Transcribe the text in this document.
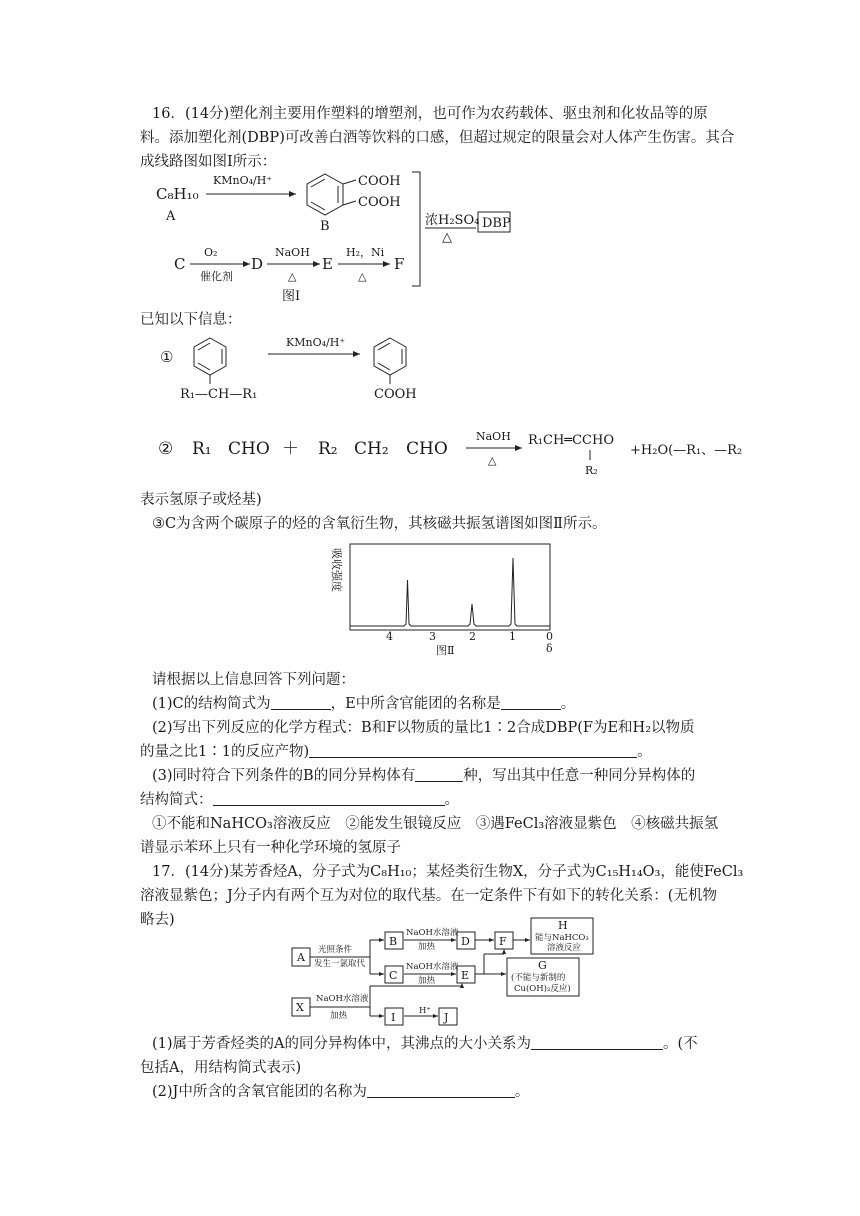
16．(14分)塑化剂主要用作塑料的增塑剂，也可作为农药载体、驱虫剂和化妆品等的原
料。添加塑化剂(DBP)可改善白酒等饮料的口感，但超过规定的限量会对人体产生伤害。其合
成线路图如图Ⅰ所示：
C₈H₁₀
A
KMnO₄/H⁺	COOH
COOH
B	浓H₂SO₄
△
DBP
C
O₂
催化剂
D
NaOH
△
E
H₂，Ni
△
F
图Ⅰ
已知以下信息：
①
R₁—CH—R₁
KMnO₄/H⁺
COOH
② R₁ CHO ＋ R₂ CH₂ CHO
NaOH
△
R₁CH═CCHO
R₂
+H₂O(—R₁、—R₂
表示氢原子或烃基)
③C为含两个碳原子的烃的含氧衍生物，其核磁共振氢谱图如图Ⅱ所示。
吸收强度
4	3	2	1	0
δ
图Ⅱ
请根据以上信息回答下列问题：
(1)C的结构简式为	，E中所含官能团的名称是	。
(2)写出下列反应的化学方程式：B和F以物质的量比1∶2合成DBP(F为E和H₂以物质
的量之比1∶1的反应产物)	。
(3)同时符合下列条件的B的同分异构体有	种，写出其中任意一种同分异构体的
结构简式：	。
①不能和NaHCO₃溶液反应　②能发生银镜反应　③遇FeCl₃溶液显紫色　④核磁共振氢
谱显示苯环上只有一种化学环境的氢原子
17．(14分)某芳香烃A，分子式为C₈H₁₀；某烃类衍生物X，分子式为C₁₅H₁₄O₃，能使FeCl₃
溶液显紫色；J分子内有两个互为对位的取代基。在一定条件下有如下的转化关系：(无机物
略去)
A
光照条件
发生一氯取代
B
NaOH水溶液
加热 D	F
H
能与NaHCO₃
溶液反应
C
NaOH水溶液
加热 E
G
(不能与新制的
Cu(OH)₂反应)
X
NaOH水溶液
加热	I	H⁺ J
(1)属于芳香烃类的A的同分异构体中，其沸点的大小关系为	。(不
包括A，用结构简式表示)
(2)J中所含的含氧官能团的名称为	。
